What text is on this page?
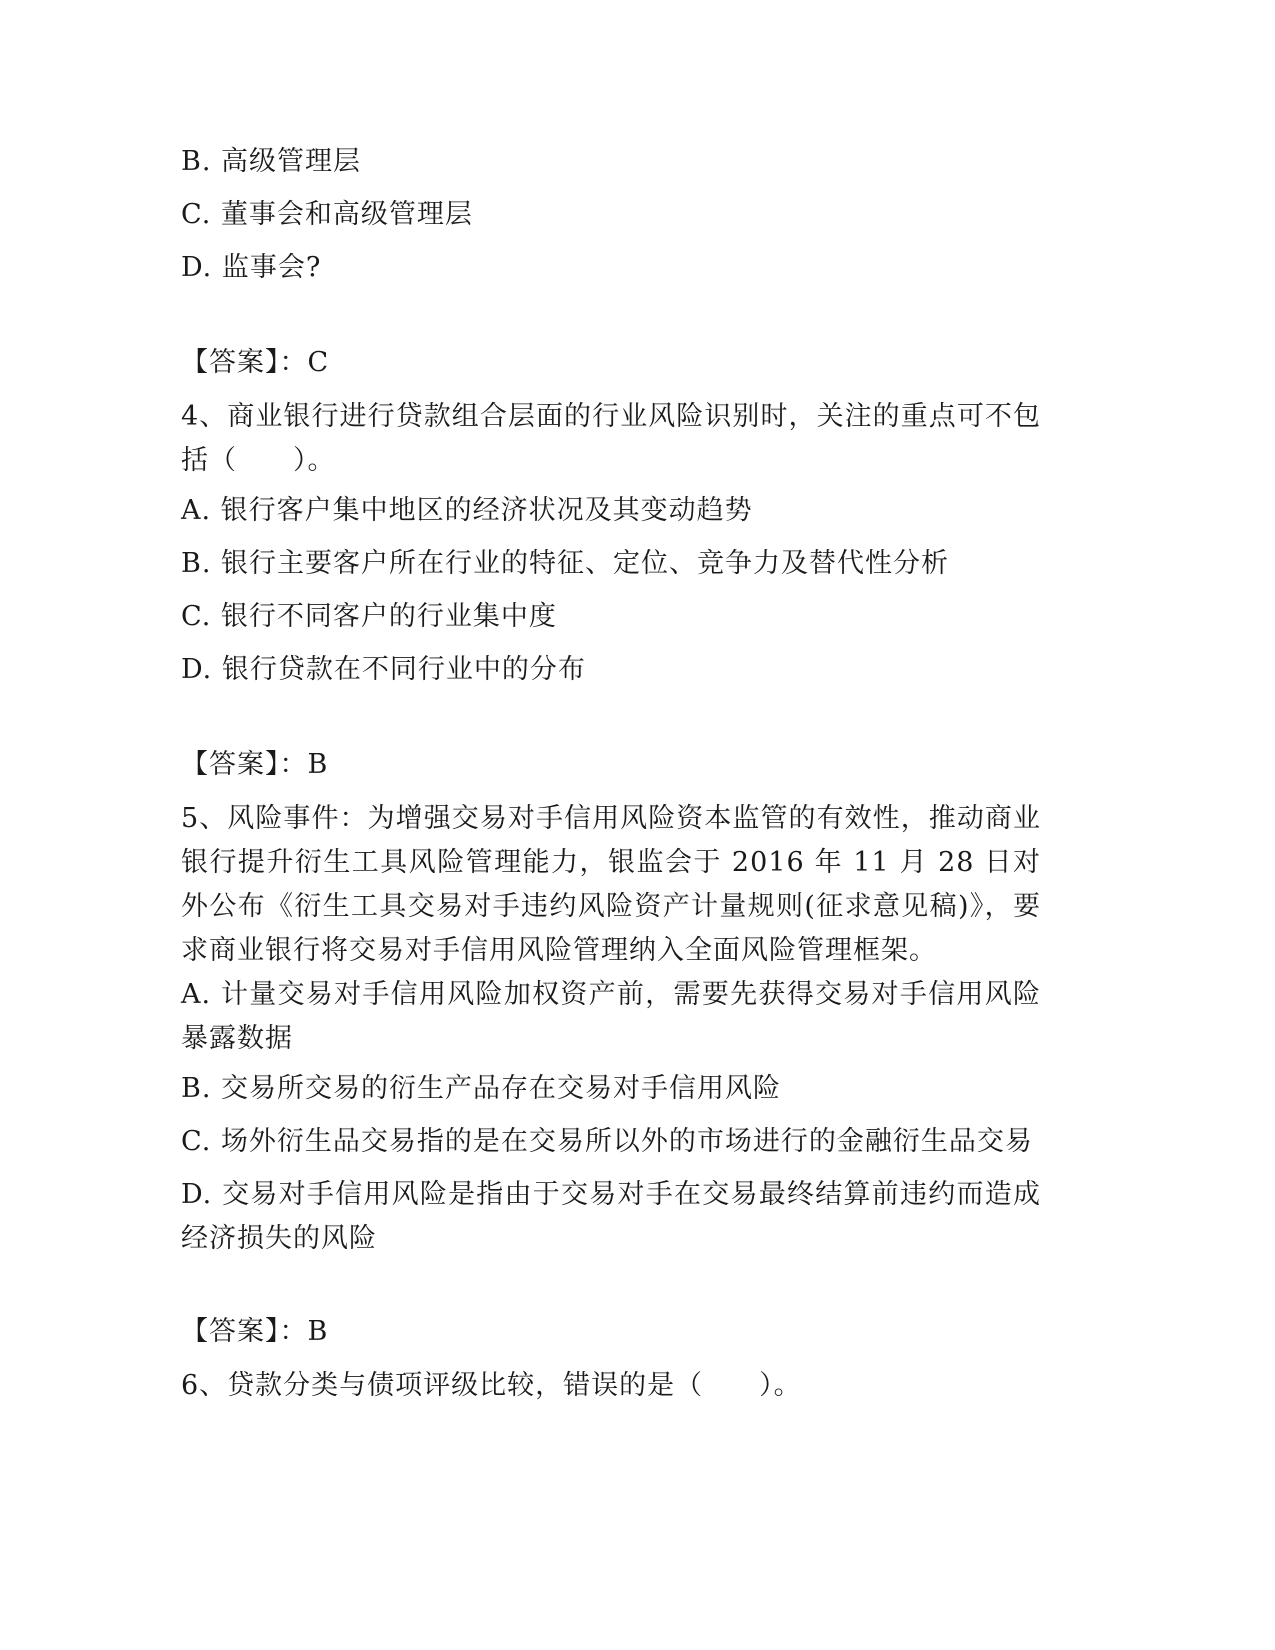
B. 高级管理层
C. 董事会和高级管理层
D. 监事会?
【答案】：C
4、商业银行进行贷款组合层面的行业风险识别时，关注的重点可不包括（　　）。
A. 银行客户集中地区的经济状况及其变动趋势
B. 银行主要客户所在行业的特征、定位、竞争力及替代性分析
C. 银行不同客户的行业集中度
D. 银行贷款在不同行业中的分布
【答案】：B
5、风险事件：为增强交易对手信用风险资本监管的有效性，推动商业银行提升衍生工具风险管理能力，银监会于 2016 年 11 月 28 日对外公布《衍生工具交易对手违约风险资产计量规则(征求意见稿)》，要求商业银行将交易对手信用风险管理纳入全面风险管理框架。
A. 计量交易对手信用风险加权资产前，需要先获得交易对手信用风险暴露数据
B. 交易所交易的衍生产品存在交易对手信用风险
C. 场外衍生品交易指的是在交易所以外的市场进行的金融衍生品交易
D. 交易对手信用风险是指由于交易对手在交易最终结算前违约而造成经济损失的风险
【答案】：B
6、贷款分类与债项评级比较，错误的是（　　）。
